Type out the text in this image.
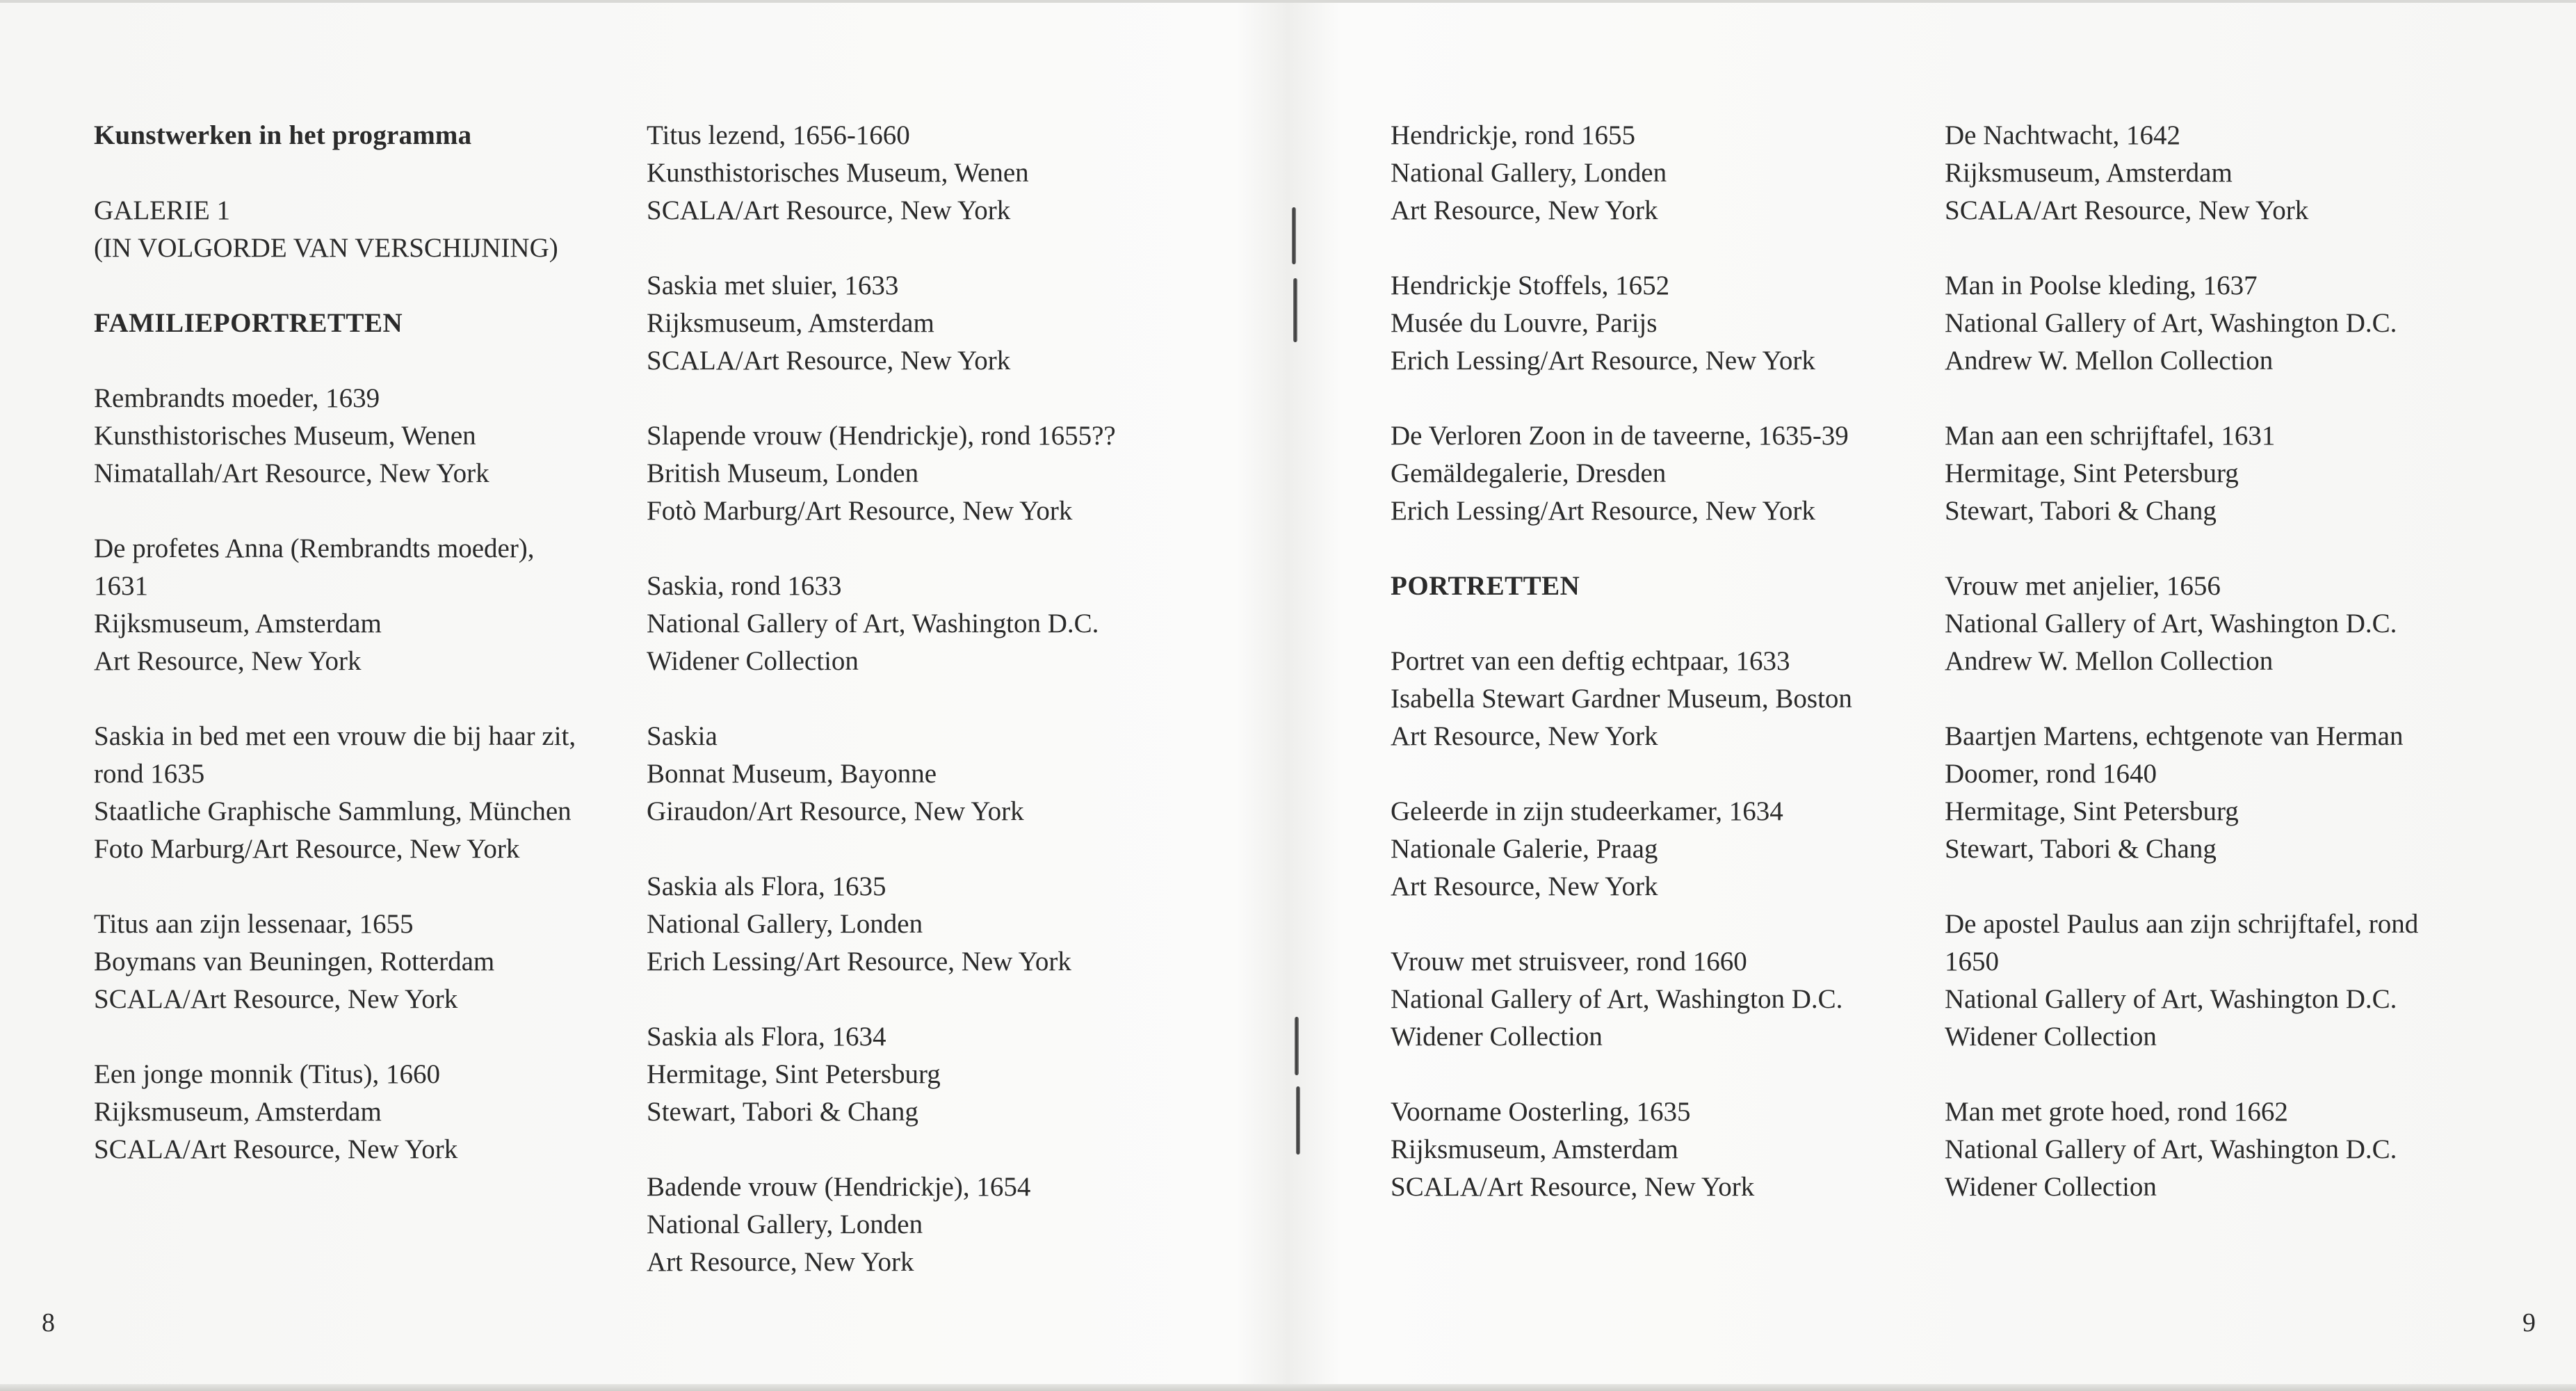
Kunstwerken in het programma
GALERIE 1
(IN VOLGORDE VAN VERSCHIJNING)
FAMILIEPORTRETTEN
Rembrandts moeder, 1639
Kunsthistorisches Museum, Wenen
Nimatallah/Art Resource, New York
De profetes Anna (Rembrandts moeder),
1631
Rijksmuseum, Amsterdam
Art Resource, New York
Saskia in bed met een vrouw die bij haar zit,
rond 1635
Staatliche Graphische Sammlung, München
Foto Marburg/Art Resource, New York
Titus aan zijn lessenaar, 1655
Boymans van Beuningen, Rotterdam
SCALA/Art Resource, New York
Een jonge monnik (Titus), 1660
Rijksmuseum, Amsterdam
SCALA/Art Resource, New York
Titus lezend, 1656-1660
Kunsthistorisches Museum, Wenen
SCALA/Art Resource, New York
Saskia met sluier, 1633
Rijksmuseum, Amsterdam
SCALA/Art Resource, New York
Slapende vrouw (Hendrickje), rond 1655??
British Museum, Londen
Fotò Marburg/Art Resource, New York
Saskia, rond 1633
National Gallery of Art, Washington D.C.
Widener Collection
Saskia
Bonnat Museum, Bayonne
Giraudon/Art Resource, New York
Saskia als Flora, 1635
National Gallery, Londen
Erich Lessing/Art Resource, New York
Saskia als Flora, 1634
Hermitage, Sint Petersburg
Stewart, Tabori & Chang
Badende vrouw (Hendrickje), 1654
National Gallery, Londen
Art Resource, New York
Hendrickje, rond 1655
National Gallery, Londen
Art Resource, New York
Hendrickje Stoffels, 1652
Musée du Louvre, Parijs
Erich Lessing/Art Resource, New York
De Verloren Zoon in de taveerne, 1635-39
Gemäldegalerie, Dresden
Erich Lessing/Art Resource, New York
PORTRETTEN
Portret van een deftig echtpaar, 1633
Isabella Stewart Gardner Museum, Boston
Art Resource, New York
Geleerde in zijn studeerkamer, 1634
Nationale Galerie, Praag
Art Resource, New York
Vrouw met struisveer, rond 1660
National Gallery of Art, Washington D.C.
Widener Collection
Voorname Oosterling, 1635
Rijksmuseum, Amsterdam
SCALA/Art Resource, New York
De Nachtwacht, 1642
Rijksmuseum, Amsterdam
SCALA/Art Resource, New York
Man in Poolse kleding, 1637
National Gallery of Art, Washington D.C.
Andrew W. Mellon Collection
Man aan een schrijftafel, 1631
Hermitage, Sint Petersburg
Stewart, Tabori & Chang
Vrouw met anjelier, 1656
National Gallery of Art, Washington D.C.
Andrew W. Mellon Collection
Baartjen Martens, echtgenote van Herman
Doomer, rond 1640
Hermitage, Sint Petersburg
Stewart, Tabori & Chang
De apostel Paulus aan zijn schrijftafel, rond
1650
National Gallery of Art, Washington D.C.
Widener Collection
Man met grote hoed, rond 1662
National Gallery of Art, Washington D.C.
Widener Collection
8	9
